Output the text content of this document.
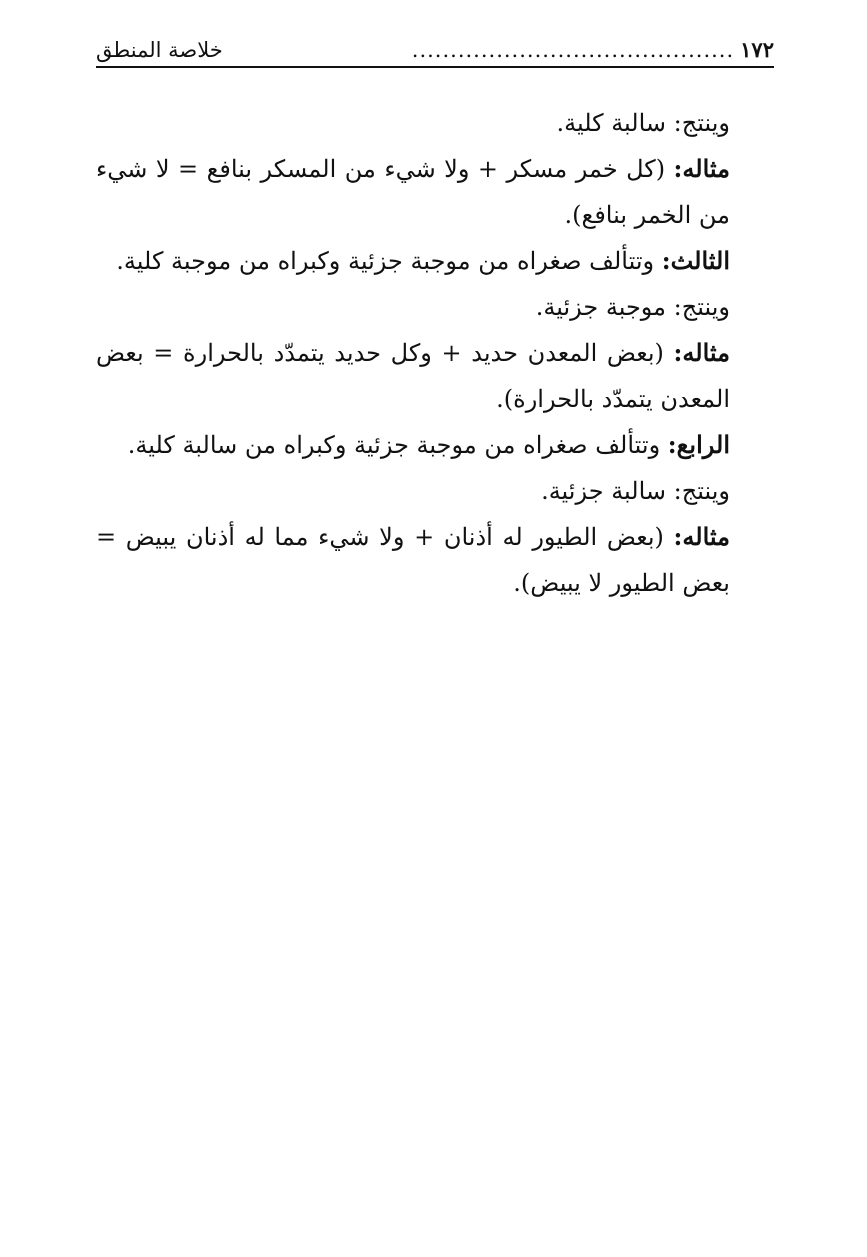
١٧٢
..........................................
خلاصة المنطق

وينتج: سالبة كلية.

مثاله: (كل خمر مسكر + ولا شيء من المسكر بنافع = لا شيء من الخمر بنافع).

الثالث: وتتألف صغراه من موجبة جزئية وكبراه من موجبة كلية.

وينتج: موجبة جزئية.

مثاله: (بعض المعدن حديد + وكل حديد يتمدّد بالحرارة = بعض المعدن يتمدّد بالحرارة).

الرابع: وتتألف صغراه من موجبة جزئية وكبراه من سالبة كلية.

وينتج: سالبة جزئية.

مثاله: (بعض الطيور له أذنان + ولا شيء مما له أذنان يبيض = بعض الطيور لا يبيض).
